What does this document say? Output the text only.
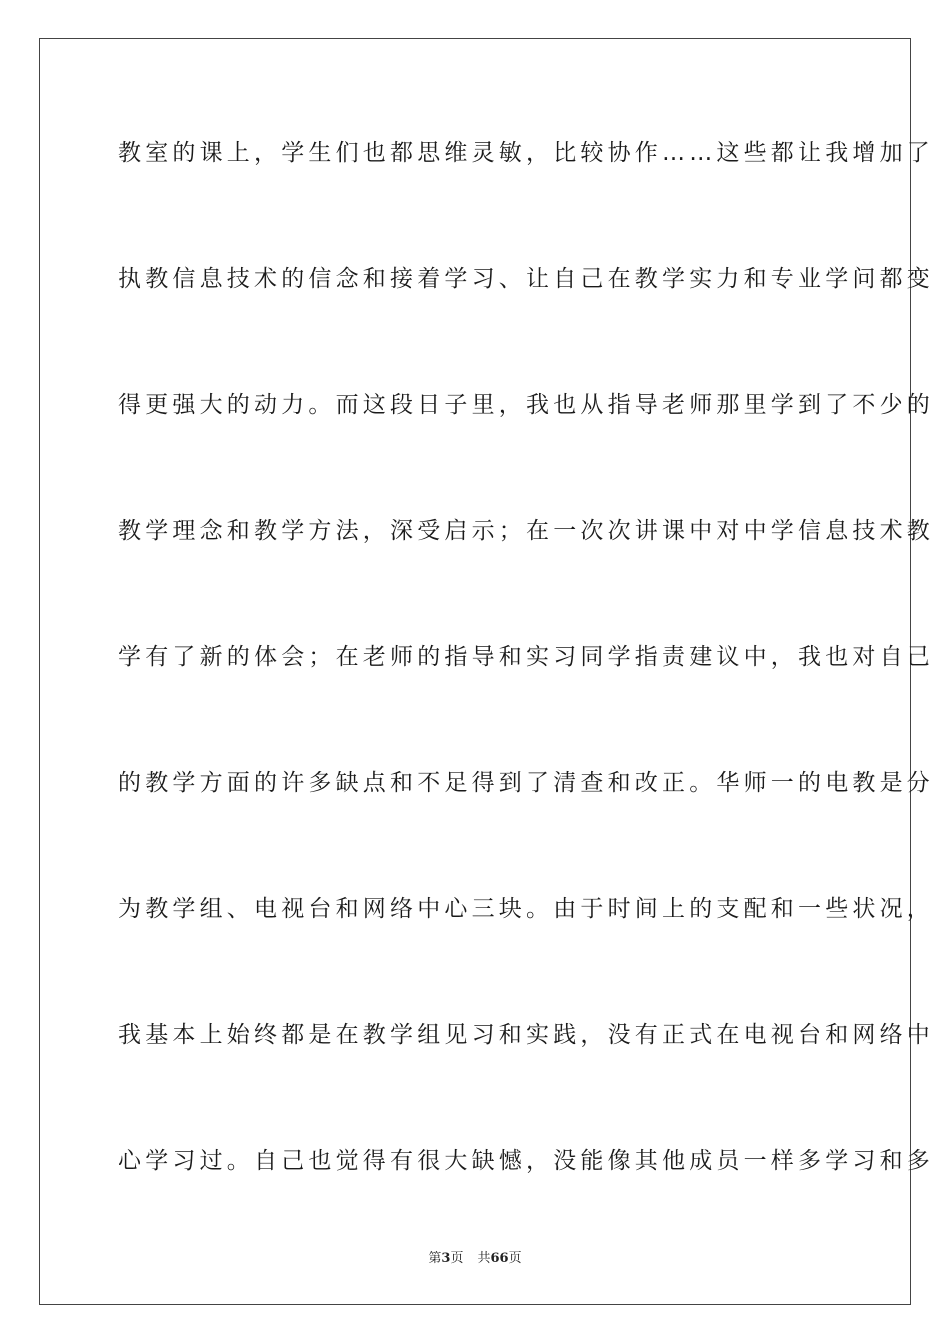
教室的课上，学生们也都思维灵敏，比较协作……这些都让我增加了
执教信息技术的信念和接着学习、让自己在教学实力和专业学问都变
得更强大的动力。而这段日子里，我也从指导老师那里学到了不少的
教学理念和教学方法，深受启示；在一次次讲课中对中学信息技术教
学有了新的体会；在老师的指导和实习同学指责建议中，我也对自己
的教学方面的许多缺点和不足得到了清查和改正。华师一的电教是分
为教学组、电视台和网络中心三块。由于时间上的支配和一些状况，
我基本上始终都是在教学组见习和实践，没有正式在电视台和网络中
心学习过。自己也觉得有很大缺憾，没能像其他成员一样多学习和多
第3页 共66页
